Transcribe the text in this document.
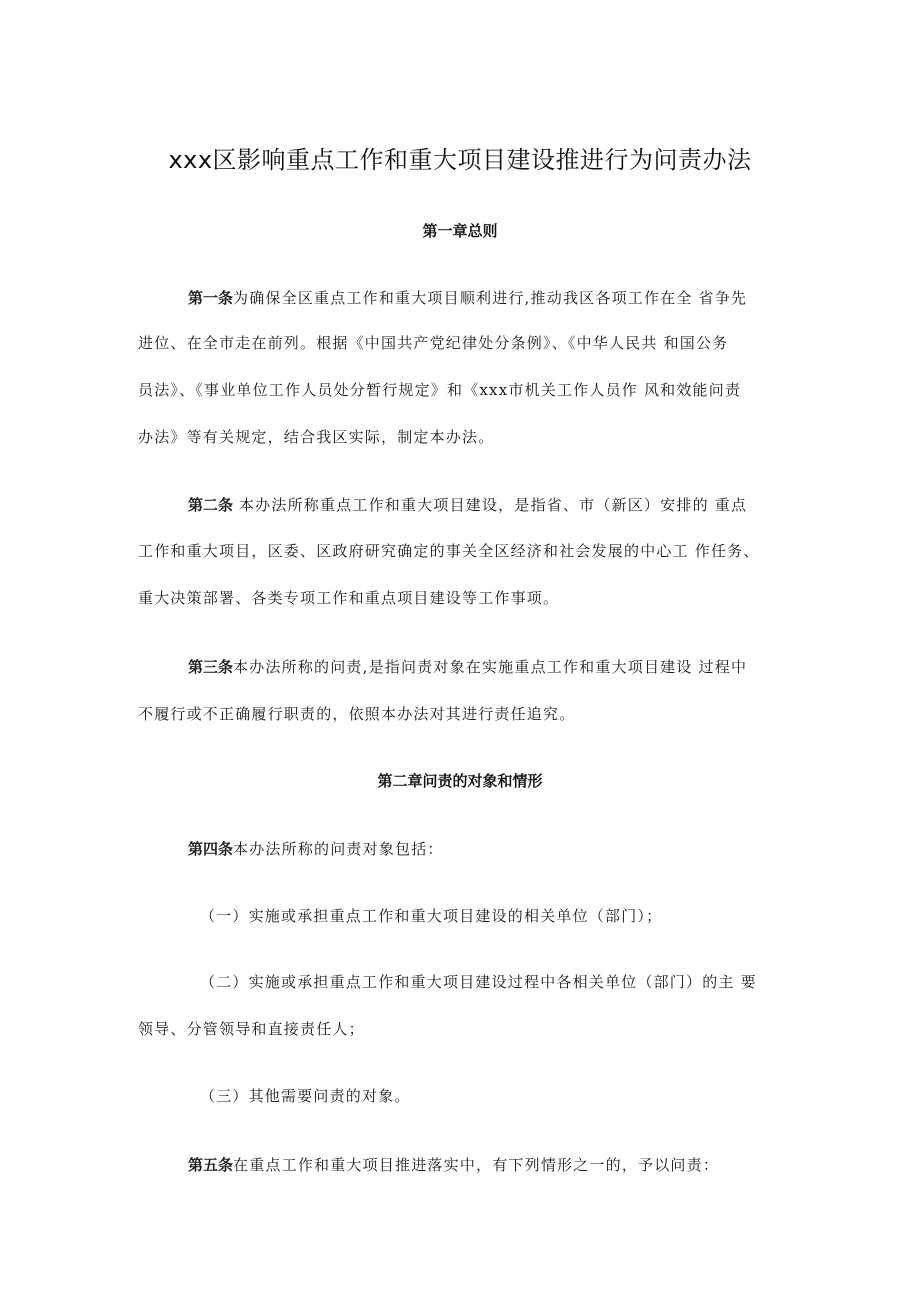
xxx区影响重点工作和重大项目建设推进行为问责办法
第一章总则

第一条为确保全区重点工作和重大项目顺利进行,推动我区各项工作在全 省争先

进位、在全市走在前列。根据《中国共产党纪律处分条例》、《中华人民共 和国公务

员法》、《事业单位工作人员处分暂行规定》和《xxx市机关工作人员作 风和效能问责

办法》等有关规定，结合我区实际，制定本办法。

第二条 本办法所称重点工作和重大项目建设，是指省、市（新区）安排的 重点

工作和重大项目，区委、区政府研究确定的事关全区经济和社会发展的中心工 作任务、

重大决策部署、各类专项工作和重点项目建设等工作事项。

第三条本办法所称的问责,是指问责对象在实施重点工作和重大项目建设 过程中

不履行或不正确履行职责的，依照本办法对其进行责任追究。

第二章问责的对象和情形

第四条本办法所称的问责对象包括：

（一）实施或承担重点工作和重大项目建设的相关单位（部门）；

（二）实施或承担重点工作和重大项目建设过程中各相关单位（部门）的主 要

领导、分管领导和直接责任人；

（三）其他需要问责的对象。

第五条在重点工作和重大项目推进落实中，有下列情形之一的，予以问责：
